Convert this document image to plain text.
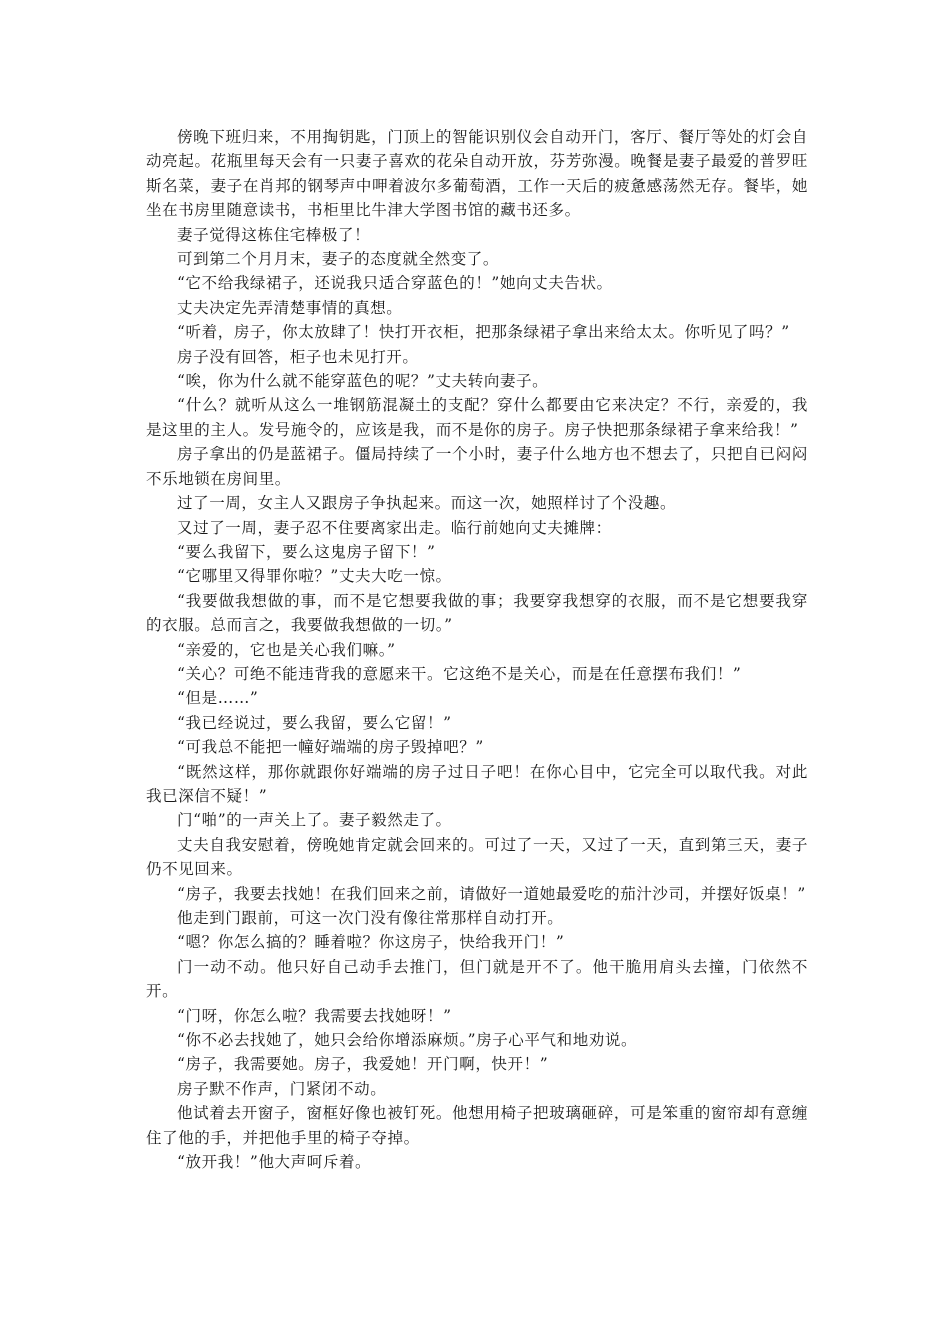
傍晚下班归来，不用掏钥匙，门顶上的智能识别仪会自动开门，客厅、餐厅等处的灯会自动亮起。花瓶里每天会有一只妻子喜欢的花朵自动开放，芬芳弥漫。晚餐是妻子最爱的普罗旺斯名菜，妻子在肖邦的钢琴声中呷着波尔多葡萄酒，工作一天后的疲惫感荡然无存。餐毕，她坐在书房里随意读书，书柜里比牛津大学图书馆的藏书还多。

妻子觉得这栋住宅棒极了！

可到第二个月月末，妻子的态度就全然变了。

“它不给我绿裙子，还说我只适合穿蓝色的！”她向丈夫告状。

丈夫决定先弄清楚事情的真想。

“听着，房子，你太放肆了！快打开衣柜，把那条绿裙子拿出来给太太。你听见了吗？”

房子没有回答，柜子也未见打开。

“唉，你为什么就不能穿蓝色的呢？”丈夫转向妻子。

“什么？就听从这么一堆钢筋混凝土的支配？穿什么都要由它来决定？不行，亲爱的，我是这里的主人。发号施令的，应该是我，而不是你的房子。房子快把那条绿裙子拿来给我！”

房子拿出的仍是蓝裙子。僵局持续了一个小时，妻子什么地方也不想去了，只把自已闷闷不乐地锁在房间里。

过了一周，女主人又跟房子争执起来。而这一次，她照样讨了个没趣。

又过了一周，妻子忍不住要离家出走。临行前她向丈夫摊牌：

“要么我留下，要么这鬼房子留下！”

“它哪里又得罪你啦？”丈夫大吃一惊。

“我要做我想做的事，而不是它想要我做的事；我要穿我想穿的衣服，而不是它想要我穿的衣服。总而言之，我要做我想做的一切。”

“亲爱的，它也是关心我们嘛。”

“关心？可绝不能违背我的意愿来干。它这绝不是关心，而是在任意摆布我们！”

“但是……”

“我已经说过，要么我留，要么它留！”

“可我总不能把一幢好端端的房子毁掉吧？”

“既然这样，那你就跟你好端端的房子过日子吧！在你心目中，它完全可以取代我。对此我已深信不疑！”

门“啪”的一声关上了。妻子毅然走了。

丈夫自我安慰着，傍晚她肯定就会回来的。可过了一天，又过了一天，直到第三天，妻子仍不见回来。

“房子，我要去找她！在我们回来之前，请做好一道她最爱吃的茄汁沙司，并摆好饭桌！”

他走到门跟前，可这一次门没有像往常那样自动打开。

“嗯？你怎么搞的？睡着啦？你这房子，快给我开门！”

门一动不动。他只好自己动手去推门，但门就是开不了。他干脆用肩头去撞，门依然不开。

“门呀，你怎么啦？我需要去找她呀！”

“你不必去找她了，她只会给你增添麻烦。”房子心平气和地劝说。

“房子，我需要她。房子，我爱她！开门啊，快开！”

房子默不作声，门紧闭不动。

他试着去开窗子，窗框好像也被钉死。他想用椅子把玻璃砸碎，可是笨重的窗帘却有意缠住了他的手，并把他手里的椅子夺掉。

“放开我！”他大声呵斥着。
